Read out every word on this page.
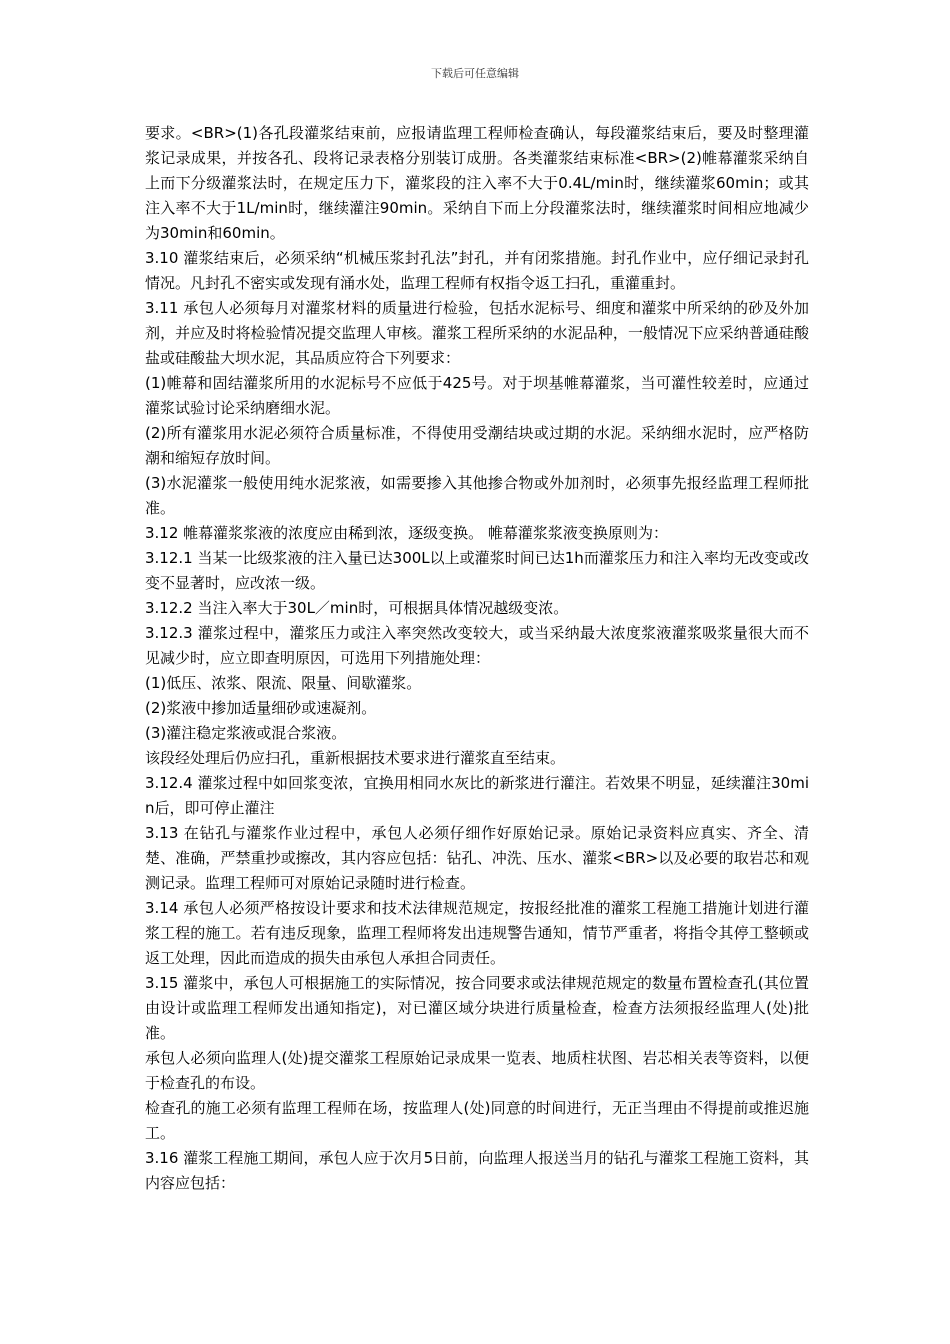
下载后可任意编辑

要求。<BR>(1)各孔段灌浆结束前，应报请监理工程师检查确认，每段灌浆结束后，要及时整理灌浆记录成果，并按各孔、段将记录表格分别装订成册。各类灌浆结束标准<BR>(2)帷幕灌浆采纳自上而下分级灌浆法时，在规定压力下，灌浆段的注入率不大于0.4L/min时，继续灌浆60min；或其注入率不大于1L/min时，继续灌注90min。采纳自下而上分段灌浆法时，继续灌浆时间相应地减少为30min和60min。

3.10 灌浆结束后，必须采纳“机械压浆封孔法”封孔，并有闭浆措施。封孔作业中，应仔细记录封孔情况。凡封孔不密实或发现有涌水处，监理工程师有权指令返工扫孔，重灌重封。

3.11 承包人必须每月对灌浆材料的质量进行检验，包括水泥标号、细度和灌浆中所采纳的砂及外加剂，并应及时将检验情况提交监理人审核。灌浆工程所采纳的水泥品种，一般情况下应采纳普通硅酸盐或硅酸盐大坝水泥，其品质应符合下列要求：

(1)帷幕和固结灌浆所用的水泥标号不应低于425号。对于坝基帷幕灌浆，当可灌性较差时，应通过灌浆试验讨论采纳磨细水泥。

(2)所有灌浆用水泥必须符合质量标准，不得使用受潮结块或过期的水泥。采纳细水泥时，应严格防潮和缩短存放时间。

(3)水泥灌浆一般使用纯水泥浆液，如需要掺入其他掺合物或外加剂时，必须事先报经监理工程师批准。

3.12 帷幕灌浆浆液的浓度应由稀到浓，逐级变换。 帷幕灌浆浆液变换原则为：

3.12.1 当某一比级浆液的注入量已达300L以上或灌浆时间已达1h而灌浆压力和注入率均无改变或改变不显著时，应改浓一级。

3.12.2 当注入率大于30L／min时，可根据具体情况越级变浓。

3.12.3 灌浆过程中，灌浆压力或注入率突然改变较大，或当采纳最大浓度浆液灌浆吸浆量很大而不见减少时，应立即查明原因，可选用下列措施处理：

(1)低压、浓浆、限流、限量、间歇灌浆。

(2)浆液中掺加适量细砂或速凝剂。

(3)灌注稳定浆液或混合浆液。

该段经处理后仍应扫孔，重新根据技术要求进行灌浆直至结束。

3.12.4 灌浆过程中如回浆变浓，宜换用相同水灰比的新浆进行灌注。若效果不明显，延续灌注30min后，即可停止灌注

3.13 在钻孔与灌浆作业过程中，承包人必须仔细作好原始记录。原始记录资料应真实、齐全、清楚、准确，严禁重抄或擦改，其内容应包括：钻孔、冲洗、压水、灌浆<BR>以及必要的取岩芯和观测记录。监理工程师可对原始记录随时进行检查。

3.14 承包人必须严格按设计要求和技术法律规范规定，按报经批准的灌浆工程施工措施计划进行灌浆工程的施工。若有违反现象，监理工程师将发出违规警告通知，情节严重者，将指令其停工整顿或返工处理，因此而造成的损失由承包人承担合同责任。

3.15 灌浆中，承包人可根据施工的实际情况，按合同要求或法律规范规定的数量布置检查孔(其位置由设计或监理工程师发出通知指定)，对已灌区域分块进行质量检查，检查方法须报经监理人(处)批准。

承包人必须向监理人(处)提交灌浆工程原始记录成果一览表、地质柱状图、岩芯相关表等资料，以便于检查孔的布设。

检查孔的施工必须有监理工程师在场，按监理人(处)同意的时间进行，无正当理由不得提前或推迟施工。

3.16 灌浆工程施工期间，承包人应于次月5日前，向监理人报送当月的钻孔与灌浆工程施工资料，其内容应包括：
